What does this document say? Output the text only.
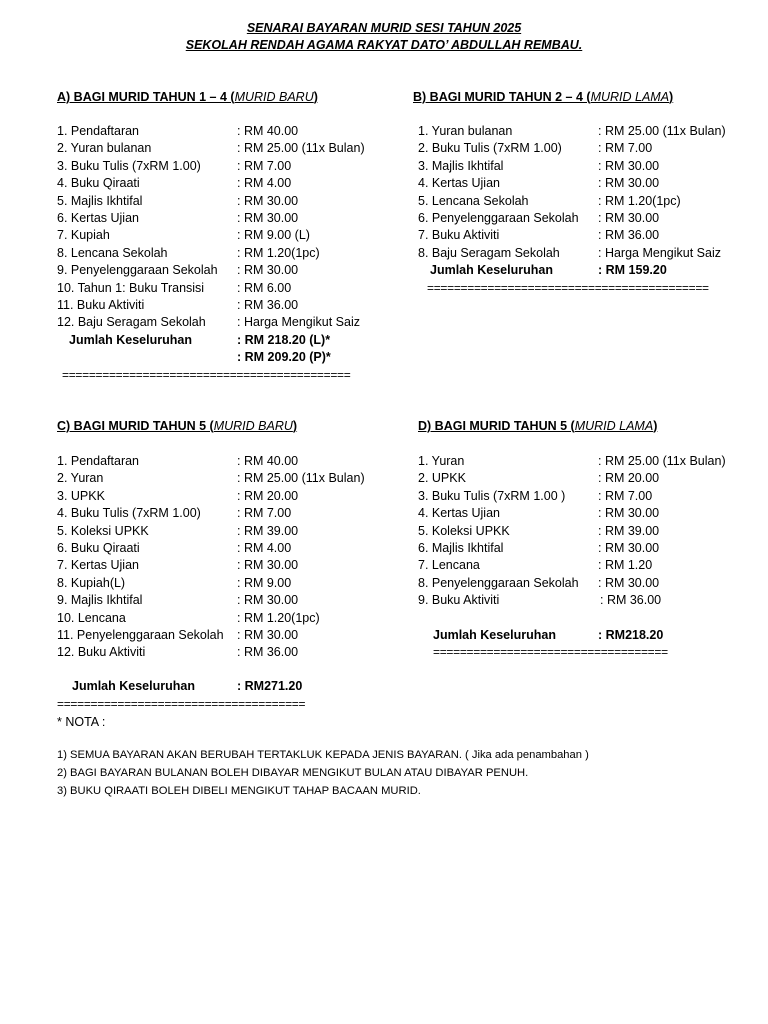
SENARAI BAYARAN MURID SESI TAHUN 2025
SEKOLAH RENDAH AGAMA RAKYAT DATO’ ABDULLAH REMBAU.
A) BAGI MURID TAHUN 1 – 4 (MURID BARU)
1. Pendaftaran	: RM 40.00
2. Yuran bulanan	: RM 25.00 (11x Bulan)
3. Buku Tulis (7xRM 1.00)	: RM 7.00
4. Buku Qiraati	: RM 4.00
5. Majlis Ikhtifal	: RM 30.00
6. Kertas Ujian	: RM 30.00
7. Kupiah	: RM 9.00 (L)
8. Lencana Sekolah	: RM 1.20(1pc)
9. Penyelenggaraan Sekolah : RM 30.00
10. Tahun 1: Buku Transisi	: RM 6.00
11. Buku Aktiviti	: RM 36.00
12. Baju Seragam Sekolah	: Harga Mengikut Saiz
Jumlah Keseluruhan	: RM 218.20 (L)*
: RM 209.20 (P)*
===========================================
B) BAGI MURID TAHUN 2 – 4 (MURID LAMA)
1. Yuran bulanan	: RM 25.00 (11x Bulan)
2. Buku Tulis (7xRM 1.00)	: RM 7.00
3. Majlis Ikhtifal	: RM 30.00
4. Kertas Ujian	: RM 30.00
5. Lencana Sekolah	: RM 1.20(1pc)
6. Penyelenggaraan Sekolah : RM 30.00
7. Buku Aktiviti	: RM 36.00
8. Baju Seragam Sekolah	: Harga Mengikut Saiz
Jumlah Keseluruhan	: RM 159.20
==========================================
C) BAGI MURID TAHUN 5 (MURID BARU)
1. Pendaftaran	: RM 40.00
2. Yuran	: RM 25.00 (11x Bulan)
3. UPKK	: RM 20.00
4. Buku Tulis (7xRM 1.00)	: RM 7.00
5. Koleksi UPKK	: RM 39.00
6. Buku Qiraati	: RM 4.00
7. Kertas Ujian	: RM 30.00
8. Kupiah(L)	: RM 9.00
9. Majlis Ikhtifal	: RM 30.00
10. Lencana	: RM 1.20(1pc)
11. Penyelenggaraan Sekolah : RM 30.00
12. Buku Aktiviti	: RM 36.00
Jumlah Keseluruhan	: RM271.20
=====================================
D) BAGI MURID TAHUN 5 (MURID LAMA)
1. Yuran	: RM 25.00 (11x Bulan)
2. UPKK	: RM 20.00
3. Buku Tulis (7xRM 1.00 )	: RM 7.00
4. Kertas Ujian	: RM 30.00
5. Koleksi UPKK	: RM 39.00
6. Majlis Ikhtifal	: RM 30.00
7. Lencana	: RM 1.20
8. Penyelenggaraan Sekolah : RM 30.00
9. Buku Aktiviti	: RM 36.00
Jumlah Keseluruhan	: RM218.20
===================================
* NOTA :
1) SEMUA BAYARAN AKAN BERUBAH TERTAKLUK KEPADA JENIS BAYARAN. ( Jika ada penambahan )
2) BAGI BAYARAN BULANAN BOLEH DIBAYAR MENGIKUT BULAN ATAU DIBAYAR PENUH.
3) BUKU QIRAATI BOLEH DIBELI MENGIKUT TAHAP BACAAN MURID.
